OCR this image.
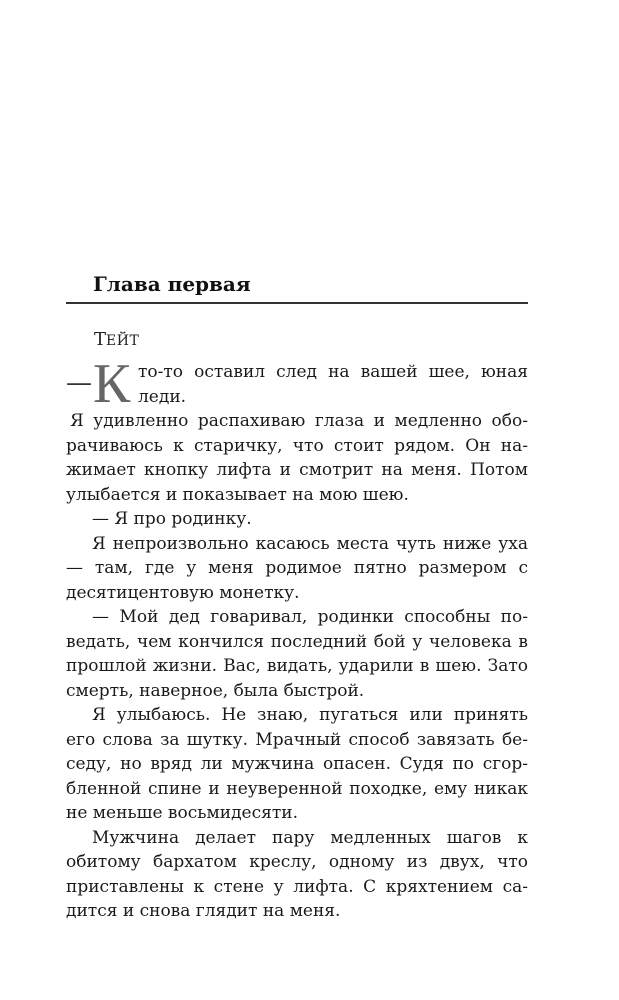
Глава первая

ТЕЙТ

— К то-то оставил след на вашей шее, юная
леди.

Я удивленно распахиваю глаза и медленно оборачиваюсь к старичку, что стоит рядом. Он нажимает кнопку лифта и смотрит на меня. Потом улыбается и показывает на мою шею.

— Я про родинку.

Я непроизвольно касаюсь места чуть ниже уха — там, где у меня родимое пятно размером с десятицентовую монетку.

— Мой дед говаривал, родинки способны поведать, чем кончился последний бой у человека в прошлой жизни. Вас, видать, ударили в шею. Зато смерть, наверное, была быстрой.

Я улыбаюсь. Не знаю, пугаться или принять его слова за шутку. Мрачный способ завязать беседу, но вряд ли мужчина опасен. Судя по сгорбленной спине и неуверенной походке, ему никак не меньше восьмидесяти.

Мужчина делает пару медленных шагов к обитому бархатом креслу, одному из двух, что приставлены к стене у лифта. С кряхтением садится и снова глядит на меня.
